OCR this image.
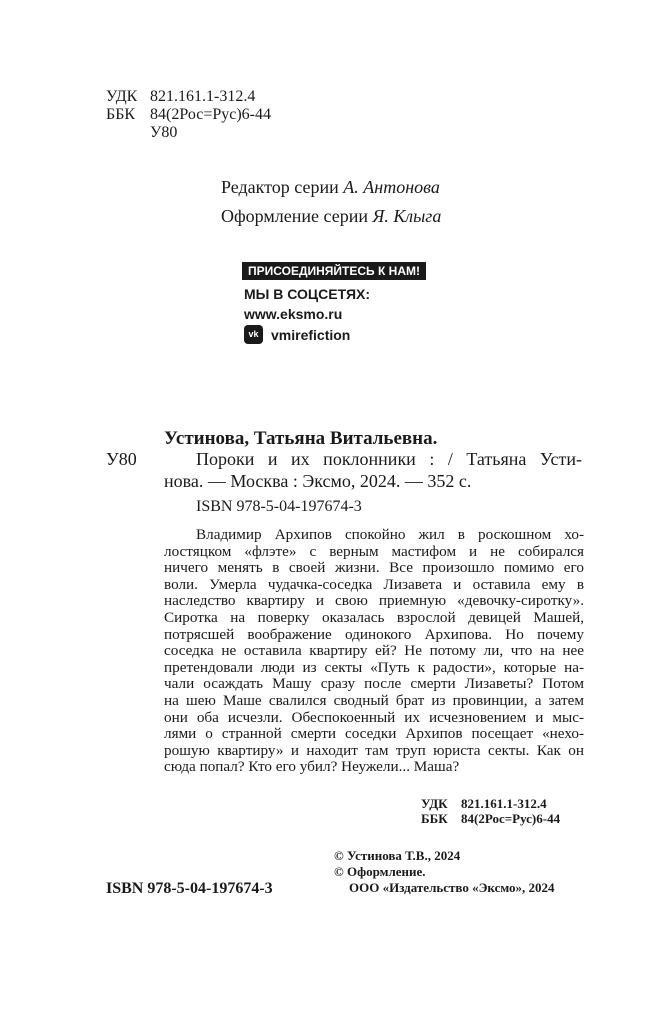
УДК 821.161.1-312.4
ББК 84(2Рос=Рус)6-44
У80
Редактор серии А. Антонова
Оформление серии Я. Клыга
ПРИСОЕДИНЯЙТЕСЬ К НАМ!
МЫ В СОЦСЕТЯХ:
www.eksmo.ru
vk vmirefiction
Устинова, Татьяна Витальевна.
У80	Пороки и их поклонники : / Татьяна Усти-
нова. — Москва : Эксмо, 2024. — 352 с.
ISBN 978-5-04-197674-3
Владимир Архипов спокойно жил в роскошном хо-
лостяцком «флэте» с верным мастифом и не собирался
ничего менять в своей жизни. Все произошло помимо его
воли. Умерла чудачка-соседка Лизавета и оставила ему в
наследство квартиру и свою приемную «девочку-сиротку».
Сиротка на поверку оказалась взрослой девицей Машей,
потрясшей воображение одинокого Архипова. Но почему
соседка не оставила квартиру ей? Не потому ли, что на нее
претендовали люди из секты «Путь к радости», которые на-
чали осаждать Машу сразу после смерти Лизаветы? Потом
на шею Маше свалился сводный брат из провинции, а затем
они оба исчезли. Обеспокоенный их исчезновением и мыс-
лями о странной смерти соседки Архипов посещает «нехо-
рошую квартиру» и находит там труп юриста секты. Как он
сюда попал? Кто его убил? Неужели... Маша?
УДК 821.161.1-312.4
ББК 84(2Рос=Рус)6-44
© Устинова Т.В., 2024
© Оформление.
ООО «Издательство «Эксмо», 2024
ISBN 978-5-04-197674-3
